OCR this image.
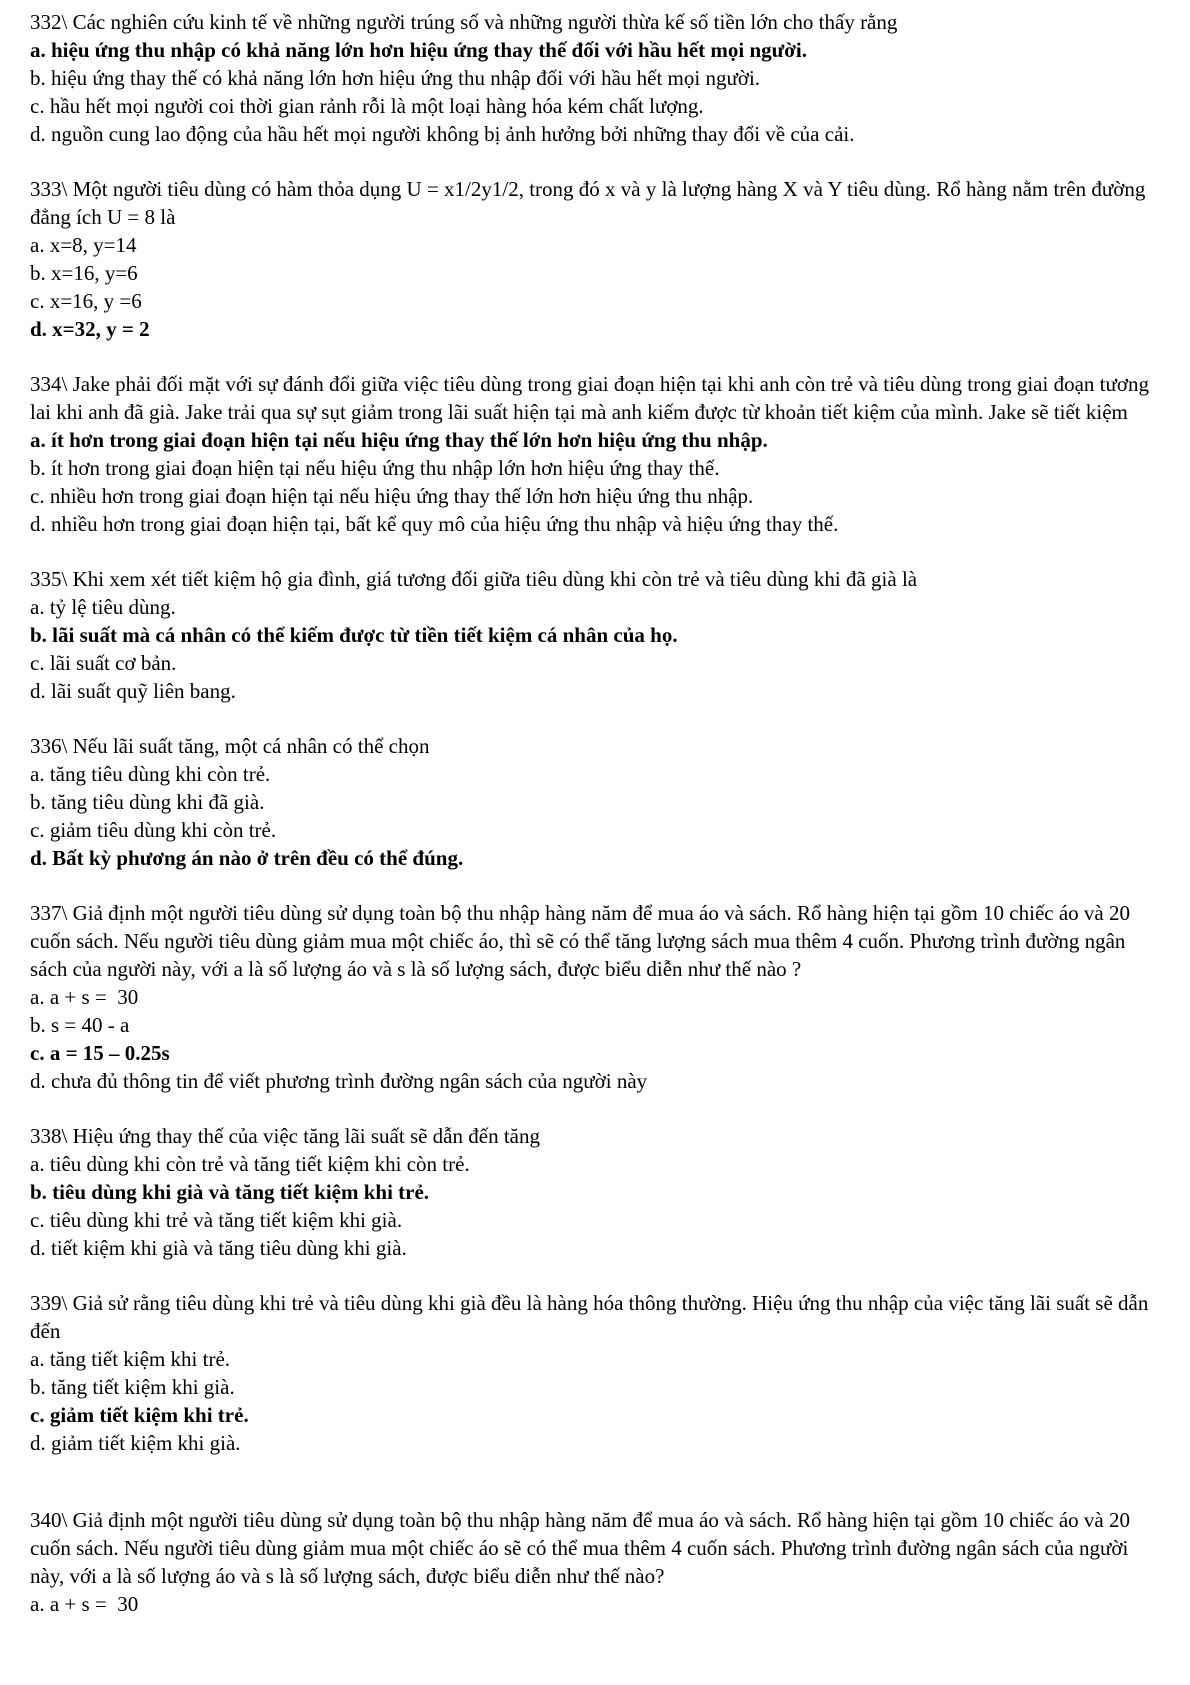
332\ Các nghiên cứu kinh tế về những người trúng số và những người thừa kế số tiền lớn cho thấy rằng
a. hiệu ứng thu nhập có khả năng lớn hơn hiệu ứng thay thế đối với hầu hết mọi người.
b. hiệu ứng thay thế có khả năng lớn hơn hiệu ứng thu nhập đối với hầu hết mọi người.
c. hầu hết mọi người coi thời gian rảnh rỗi là một loại hàng hóa kém chất lượng.
d. nguồn cung lao động của hầu hết mọi người không bị ảnh hưởng bởi những thay đổi về của cải.
333\ Một người tiêu dùng có hàm thỏa dụng U = x1/2y1/2, trong đó x và y là lượng hàng X và Y tiêu dùng. Rổ hàng nằm trên đường đẳng ích U = 8 là
a. x=8, y=14
b. x=16, y=6
c. x=16, y =6
d. x=32, y = 2
334\ Jake phải đối mặt với sự đánh đổi giữa việc tiêu dùng trong giai đoạn hiện tại khi anh còn trẻ và tiêu dùng trong giai đoạn tương lai khi anh đã già. Jake trải qua sự sụt giảm trong lãi suất hiện tại mà anh kiếm được từ khoản tiết kiệm của mình. Jake sẽ tiết kiệm
a. ít hơn trong giai đoạn hiện tại nếu hiệu ứng thay thế lớn hơn hiệu ứng thu nhập.
b. ít hơn trong giai đoạn hiện tại nếu hiệu ứng thu nhập lớn hơn hiệu ứng thay thế.
c. nhiều hơn trong giai đoạn hiện tại nếu hiệu ứng thay thế lớn hơn hiệu ứng thu nhập.
d. nhiều hơn trong giai đoạn hiện tại, bất kể quy mô của hiệu ứng thu nhập và hiệu ứng thay thế.
335\ Khi xem xét tiết kiệm hộ gia đình, giá tương đối giữa tiêu dùng khi còn trẻ và tiêu dùng khi đã già là
a. tỷ lệ tiêu dùng.
b. lãi suất mà cá nhân có thể kiếm được từ tiền tiết kiệm cá nhân của họ.
c. lãi suất cơ bản.
d. lãi suất quỹ liên bang.
336\ Nếu lãi suất tăng, một cá nhân có thể chọn
a. tăng tiêu dùng khi còn trẻ.
b. tăng tiêu dùng khi đã già.
c. giảm tiêu dùng khi còn trẻ.
d. Bất kỳ phương án nào ở trên đều có thể đúng.
337\ Giả định một người tiêu dùng sử dụng toàn bộ thu nhập hàng năm để mua áo và sách. Rổ hàng hiện tại gồm 10 chiếc áo và 20 cuốn sách. Nếu người tiêu dùng giảm mua một chiếc áo, thì sẽ có thể tăng lượng sách mua thêm 4 cuốn. Phương trình đường ngân sách của người này, với a là số lượng áo và s là số lượng sách, được biểu diễn như thế nào ?
a. a + s =  30
b. s = 40 - a
c. a = 15 – 0.25s
d. chưa đủ thông tin để viết phương trình đường ngân sách của người này
338\ Hiệu ứng thay thế của việc tăng lãi suất sẽ dẫn đến tăng
a. tiêu dùng khi còn trẻ và tăng tiết kiệm khi còn trẻ.
b. tiêu dùng khi già và tăng tiết kiệm khi trẻ.
c. tiêu dùng khi trẻ và tăng tiết kiệm khi già.
d. tiết kiệm khi già và tăng tiêu dùng khi già.
339\ Giả sử rằng tiêu dùng khi trẻ và tiêu dùng khi già đều là hàng hóa thông thường. Hiệu ứng thu nhập của việc tăng lãi suất sẽ dẫn đến
a. tăng tiết kiệm khi trẻ.
b. tăng tiết kiệm khi già.
c. giảm tiết kiệm khi trẻ.
d. giảm tiết kiệm khi già.
340\ Giả định một người tiêu dùng sử dụng toàn bộ thu nhập hàng năm để mua áo và sách. Rổ hàng hiện tại gồm 10 chiếc áo và 20 cuốn sách. Nếu người tiêu dùng giảm mua một chiếc áo sẽ có thể mua thêm 4 cuốn sách. Phương trình đường ngân sách của người này, với a là số lượng áo và s là số lượng sách, được biểu diễn như thế nào?
a. a + s =  30
